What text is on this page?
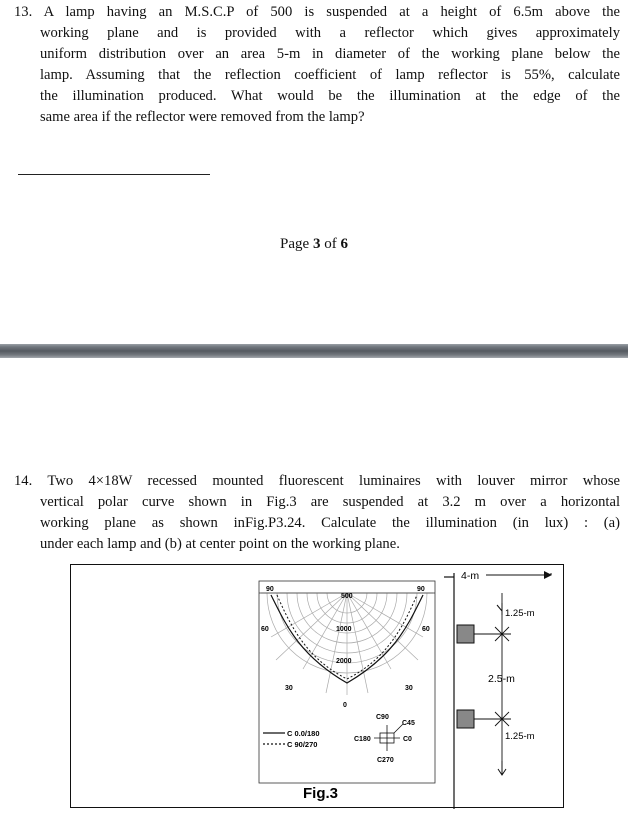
13. A lamp having an M.S.C.P of 500 is suspended at a height of 6.5m above the
working plane and is provided with a reflector which gives approximately
uniform distribution over an area 5-m in diameter of the working plane below the
lamp. Assuming that the reflection coefficient of lamp reflector is 55%, calculate
the illumination produced. What would be the illumination at the edge of the
same area if the reflector were removed from the lamp?
Page 3 of 6
14. Two 4×18W recessed mounted fluorescent luminaires with louver mirror whose
vertical polar curve shown in Fig.3 are suspended at 3.2 m over a horizontal
working plane as shown inFig.P3.24. Calculate the illumination (in lux) : (a)
under each lamp and (b) at center point on the working plane.
90	90
60	60
30	30
0
500
1000
2000
C 0.0/180
C 90/270
C90
C45
C180	C0
C270
Fig.3
4-m
1.25-m
2.5-m
1.25-m
